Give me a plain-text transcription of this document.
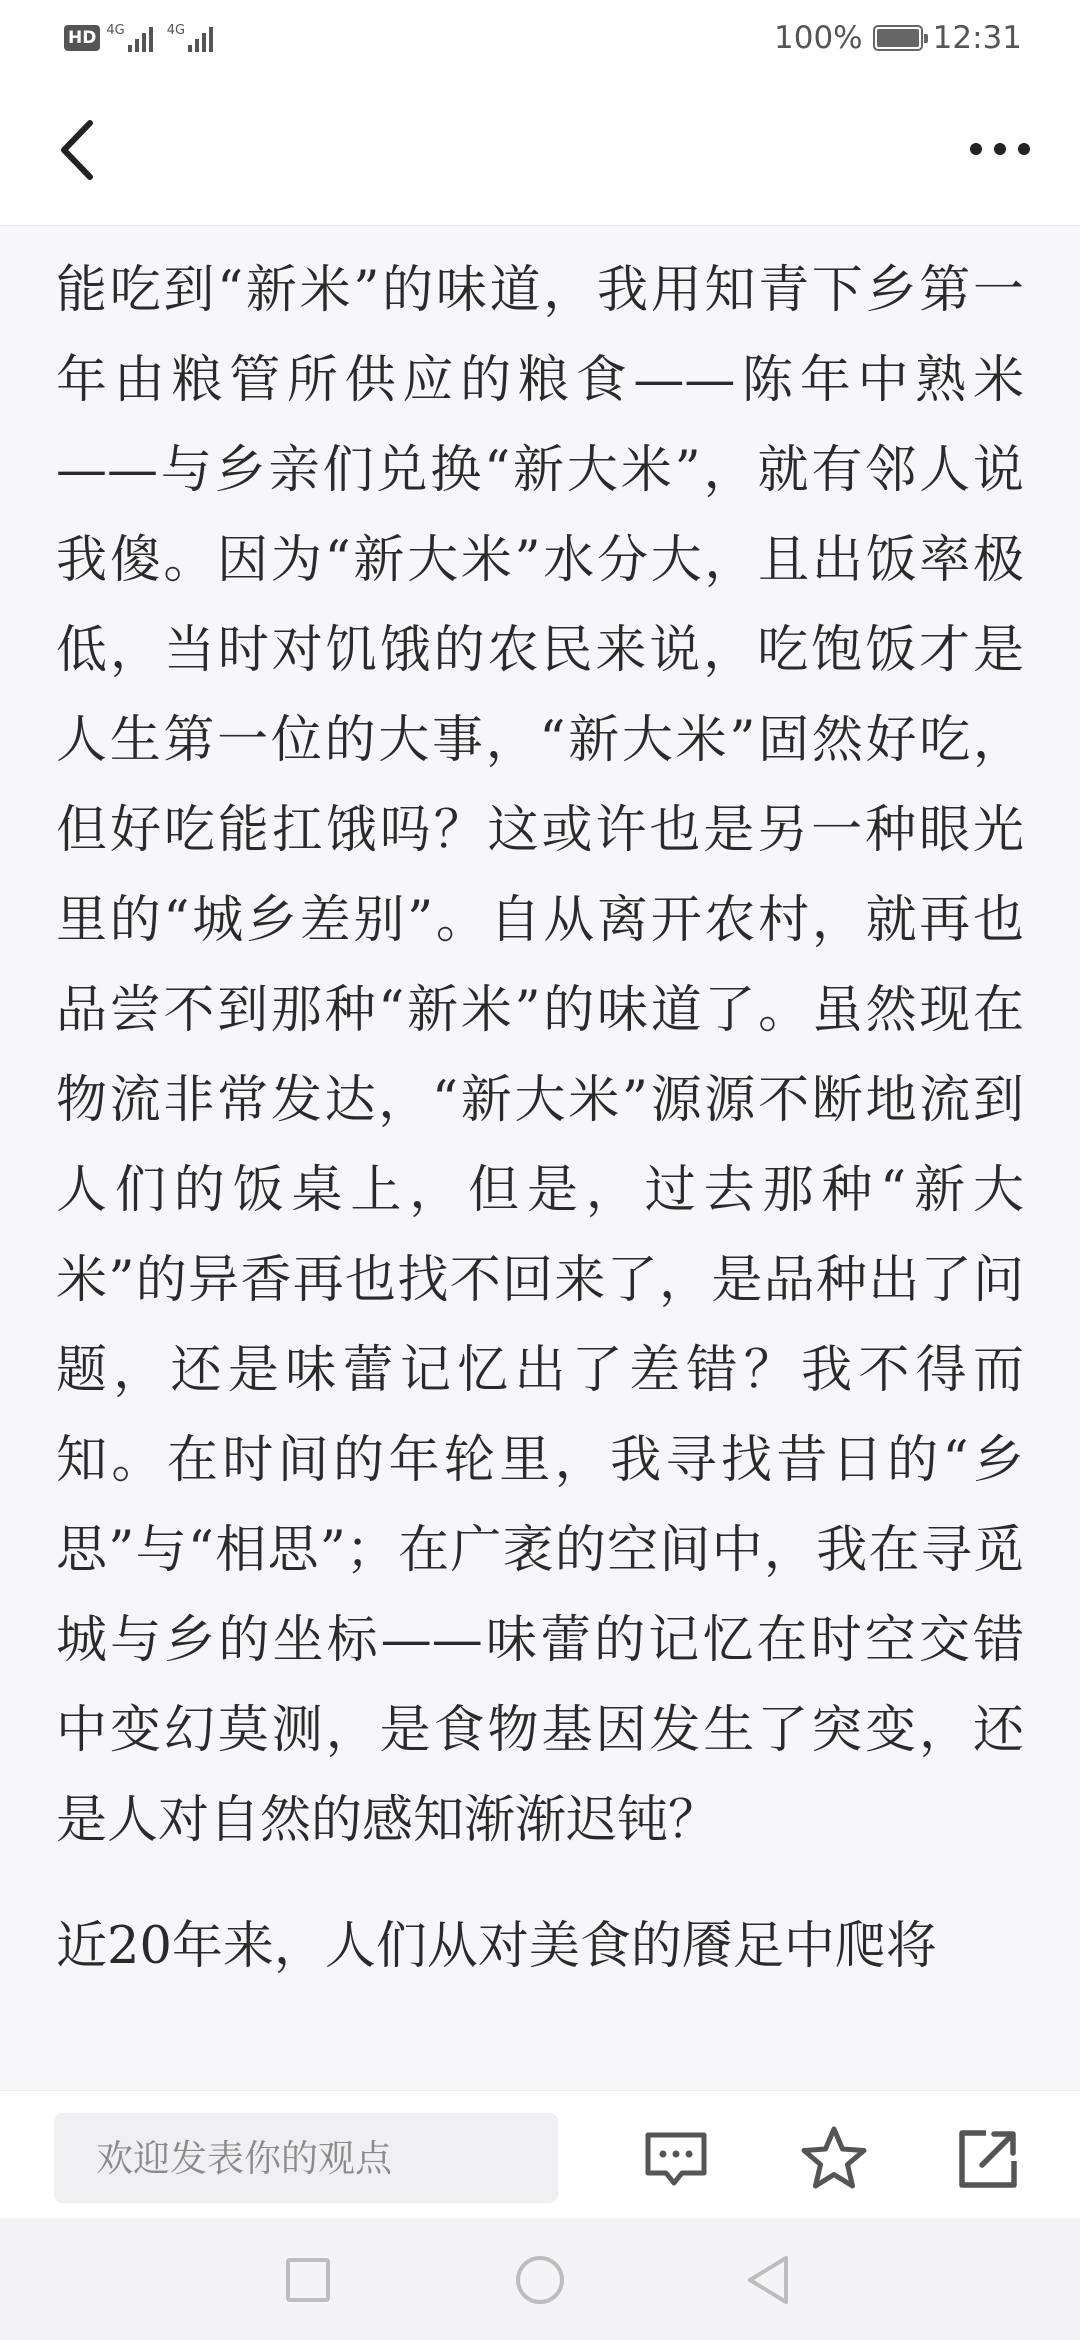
HD 4G	4G	100% 12:31

能吃到“新米”的味道，我用知青下乡第一年由粮管所供应的粮食——陈年中熟米——与乡亲们兑换“新大米”，就有邻人说我傻。因为“新大米”水分大，且出饭率极低，当时对饥饿的农民来说，吃饱饭才是人生第一位的大事，“新大米”固然好吃，但好吃能扛饿吗？这或许也是另一种眼光里的“城乡差别”。自从离开农村，就再也品尝不到那种“新米”的味道了。虽然现在物流非常发达，“新大米”源源不断地流到人们的饭桌上，但是，过去那种“新大米”的异香再也找不回来了，是品种出了问题，还是味蕾记忆出了差错？我不得而知。在时间的年轮里，我寻找昔日的“乡思”与“相思”；在广袤的空间中，我在寻觅城与乡的坐标——味蕾的记忆在时空交错中变幻莫测，是食物基因发生了突变，还是人对自然的感知渐渐迟钝？

近20年来，人们从对美食的餍足中爬将

欢迎发表你的观点
